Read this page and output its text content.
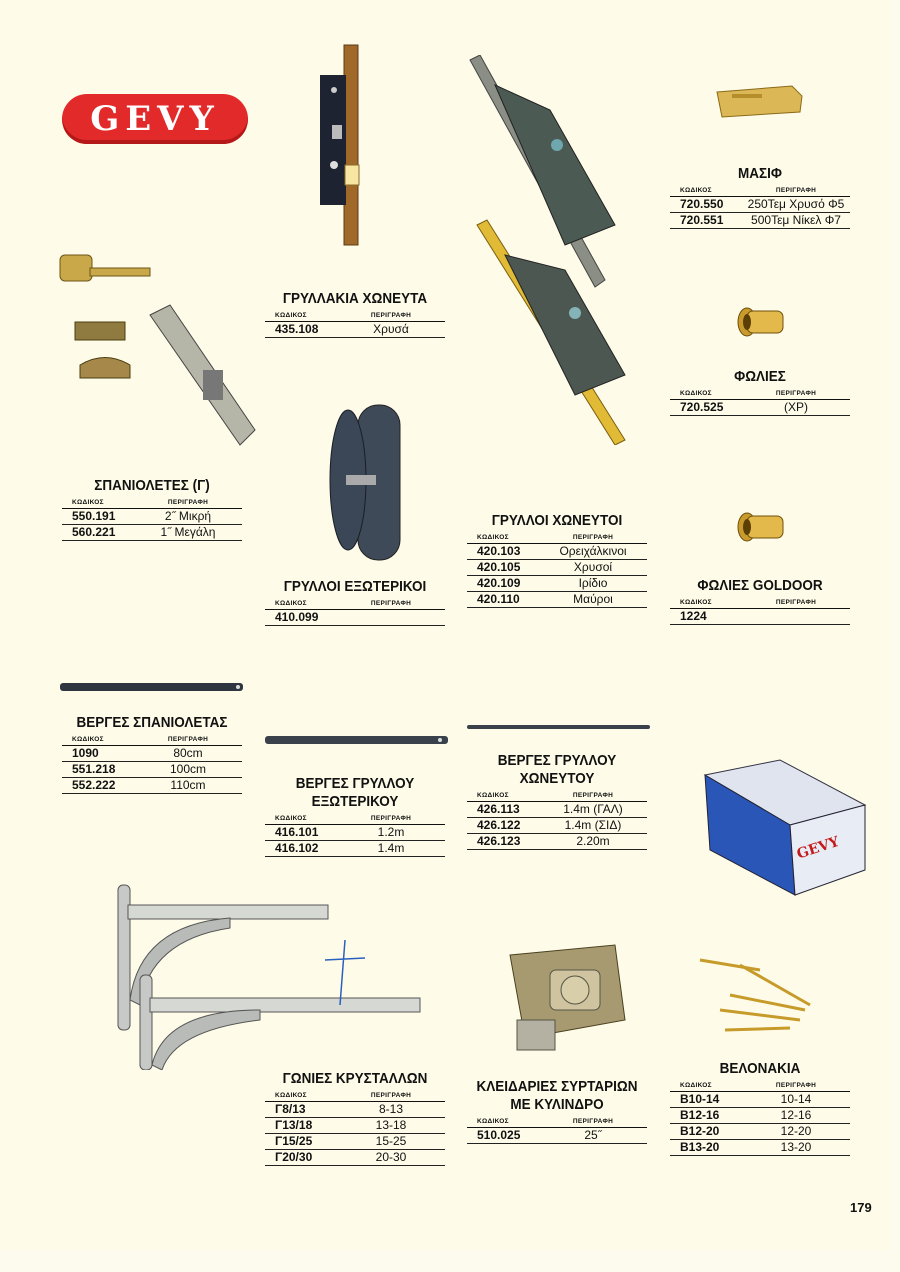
GEVY
GEVY
ΜΑΣΙΦ
ΚΩΔΙΚΟΣ	ΠΕΡΙΓΡΑΦΗ
720.550	250Τεμ Χρυσό Φ5
720.551	500Τεμ Νίκελ Φ7
ΓΡΥΛΛΑΚΙΑ ΧΩΝΕΥΤΑ
ΚΩΔΙΚΟΣ	ΠΕΡΙΓΡΑΦΗ
435.108	Χρυσά
ΦΩΛΙΕΣ
ΚΩΔΙΚΟΣ	ΠΕΡΙΓΡΑΦΗ
720.525	(ΧΡ)
ΣΠΑΝΙΟΛΕΤΕΣ (Γ)
ΚΩΔΙΚΟΣ	ΠΕΡΙΓΡΑΦΗ
550.191	2˝ Μικρή
560.221	1˝ Μεγάλη
ΓΡΥΛΛΟΙ ΧΩΝΕΥΤΟΙ
ΚΩΔΙΚΟΣ	ΠΕΡΙΓΡΑΦΗ
420.103	Ορειχάλκινοι
420.105	Χρυσοί
420.109	Ιρίδιο
420.110	Μαύροι
ΓΡΥΛΛΟΙ ΕΞΩΤΕΡΙΚΟΙ
ΚΩΔΙΚΟΣ	ΠΕΡΙΓΡΑΦΗ
410.099
ΦΩΛΙΕΣ GOLDOOR
ΚΩΔΙΚΟΣ	ΠΕΡΙΓΡΑΦΗ
1224
ΒΕΡΓΕΣ ΣΠΑΝΙΟΛΕΤΑΣ
ΚΩΔΙΚΟΣ	ΠΕΡΙΓΡΑΦΗ
1090	80cm
551.218	100cm
552.222	110cm
ΒΕΡΓΕΣ ΓΡΥΛΛΟΥ
ΧΩΝΕΥΤΟΥ
ΚΩΔΙΚΟΣ	ΠΕΡΙΓΡΑΦΗ
426.113	1.4m (ΓΑΛ)
426.122	1.4m (ΣΙΔ)
426.123	2.20m
ΒΕΡΓΕΣ ΓΡΥΛΛΟΥ
ΕΞΩΤΕΡΙΚΟΥ
ΚΩΔΙΚΟΣ	ΠΕΡΙΓΡΑΦΗ
416.101	1.2m
416.102	1.4m
ΒΕΛΟΝΑΚΙΑ
ΚΩΔΙΚΟΣ	ΠΕΡΙΓΡΑΦΗ
Β10-14	10-14
Β12-16	12-16
Β12-20	12-20
Β13-20	13-20
ΓΩΝΙΕΣ ΚΡΥΣΤΑΛΛΩΝ
ΚΩΔΙΚΟΣ	ΠΕΡΙΓΡΑΦΗ
Γ8/13	8-13
Γ13/18	13-18
Γ15/25	15-25
Γ20/30	20-30
ΚΛΕΙΔΑΡΙΕΣ ΣΥΡΤΑΡΙΩΝ
ΜΕ ΚΥΛΙΝΔΡΟ
ΚΩΔΙΚΟΣ	ΠΕΡΙΓΡΑΦΗ
510.025	25˝
179
